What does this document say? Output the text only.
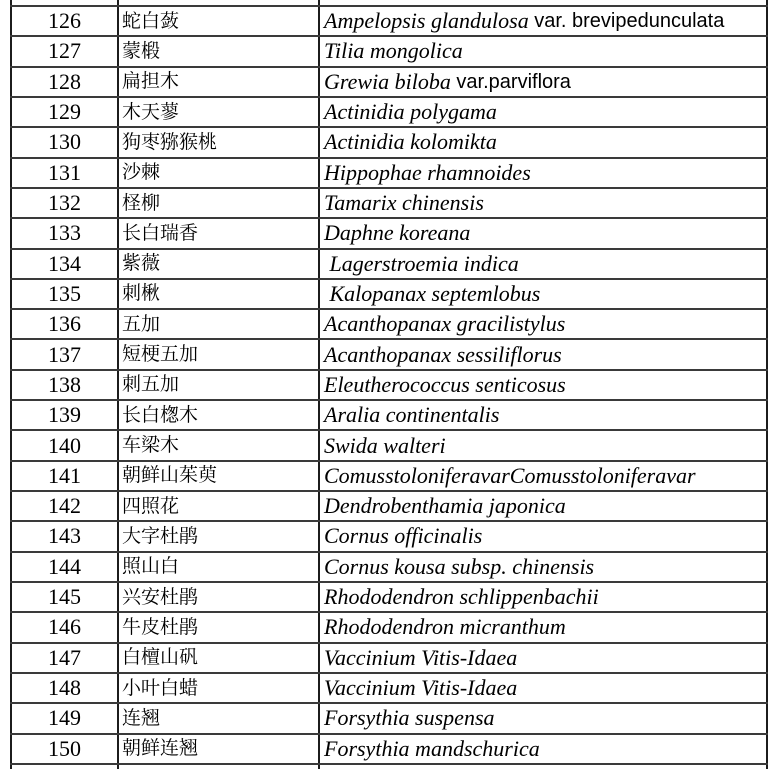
126 蛇白蔹	Ampelopsis glandulosa var. brevipedunculata
127 蒙椴	Tilia mongolica
128 扁担木	Grewia biloba var.parviflora
129 木天蓼	Actinidia polygama
130 狗枣猕猴桃	Actinidia kolomikta
131 沙棘	Hippophae rhamnoides
132 柽柳	Tamarix chinensis
133 长白瑞香	Daphne koreana
134 紫薇	Lagerstroemia indica
135 刺楸	Kalopanax septemlobus
136 五加	Acanthopanax gracilistylus
137 短梗五加	Acanthopanax sessiliflorus
138 刺五加	Eleutherococcus senticosus
139 长白楤木	Aralia continentalis
140 车梁木	Swida walteri
141 朝鲜山茱萸	ComusstoloniferavarComusstoloniferavar
142 四照花	Dendrobenthamia japonica
143 大字杜鹃	Cornus officinalis
144 照山白	Cornus kousa subsp. chinensis
145 兴安杜鹃	Rhododendron schlippenbachii
146 牛皮杜鹃	Rhododendron micranthum
147 白檀山矾	Vaccinium Vitis-Idaea
148 小叶白蜡	Vaccinium Vitis-Idaea
149 连翘	Forsythia suspensa
150 朝鲜连翘	Forsythia mandschurica
